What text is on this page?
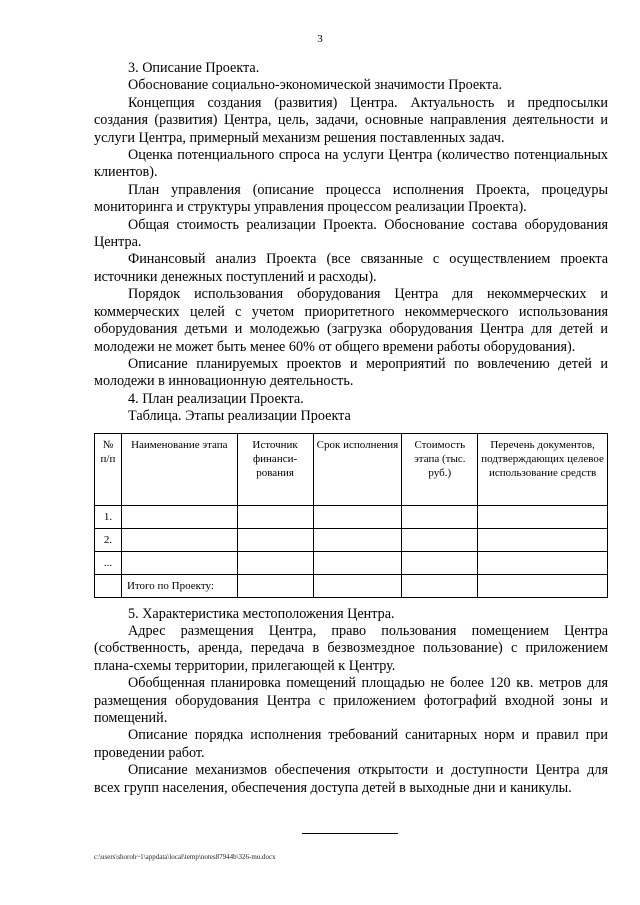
3

3. Описание Проекта.

Обоснование социально-экономической значимости Проекта.

Концепция создания (развития) Центра. Актуальность и предпосылки создания (развития) Центра, цель, задачи, основные направления деятельности и услуги Центра, примерный механизм решения поставленных задач.

Оценка потенциального спроса на услуги Центра (количество потенциальных клиентов).

План управления (описание процесса исполнения Проекта, процедуры мониторинга и структуры управления процессом реализации Проекта).

Общая стоимость реализации Проекта. Обоснование состава оборудования Центра.

Финансовый анализ Проекта (все связанные с осуществлением проекта источники денежных поступлений и расходы).

Порядок использования оборудования Центра для некоммерческих и коммерческих целей с учетом приоритетного некоммерческого использования оборудования детьми и молодежью (загрузка оборудования Центра для детей и молодежи не может быть менее 60% от общего времени работы оборудования).

Описание планируемых проектов и мероприятий по вовлечению детей и молодежи в инновационную деятельность.

4. План реализации Проекта.

Таблица. Этапы реализации Проекта

№ п/п	Наименование этапа	Источник финанси-рования	Срок исполнения	Стоимость этапа (тыс. руб.)	Перечень документов, подтверждающих целевое использование средств
1.					
2.					
...					
	Итого по Проекту:				

5. Характеристика местоположения Центра.

Адрес размещения Центра, право пользования помещением Центра (собственность, аренда, передача в безвозмездное пользование) с приложением плана-схемы территории, прилегающей к Центру.

Обобщенная планировка помещений площадью не более 120 кв. метров для размещения оборудования Центра с приложением фотографий входной зоны и помещений.

Описание порядка исполнения требований санитарных норм и правил при проведении работ.

Описание механизмов обеспечения открытости и доступности Центра для всех групп населения, обеспечения доступа детей в выходные дни и каникулы.

c:\users\shoroh~1\appdata\local\temp\notes87944b\326-mu.docx
